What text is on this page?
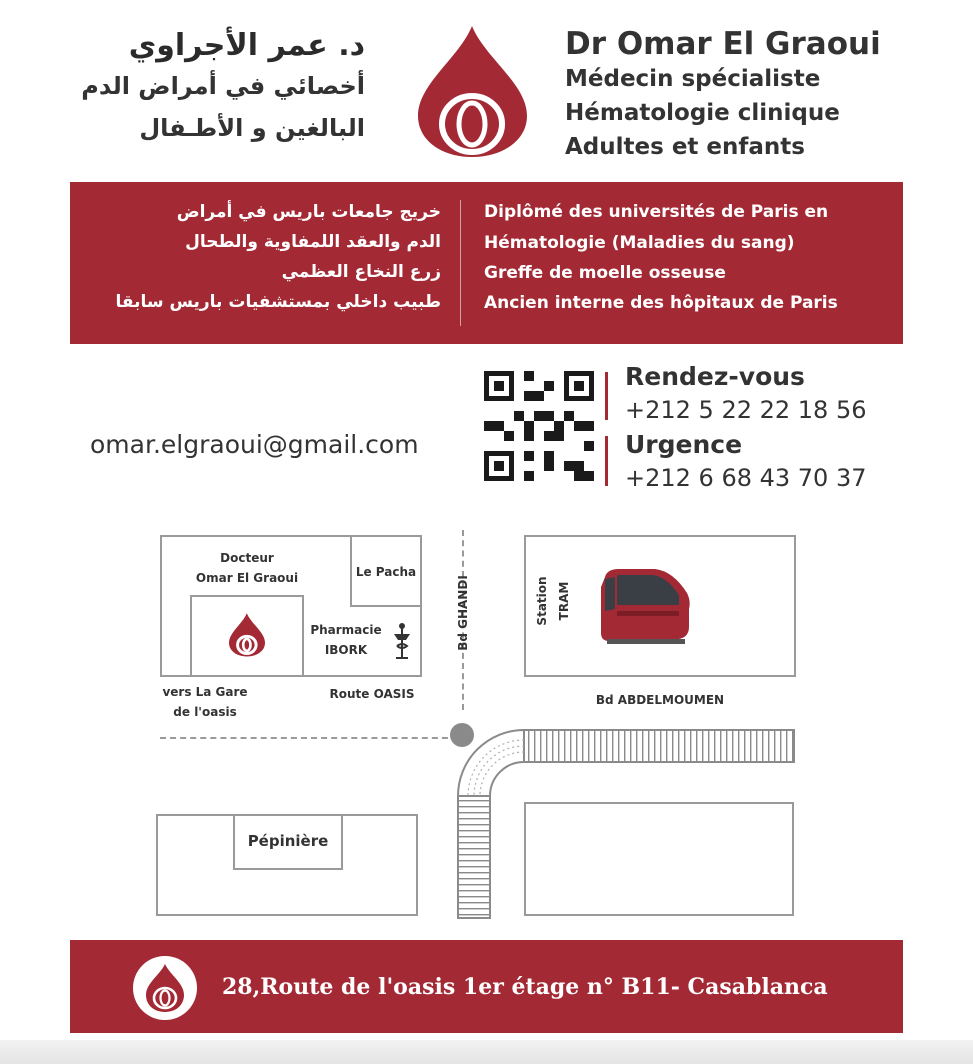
د. عمر الأجراوي
أخصائي في أمراض الدم
البالغين و الأطـفال
Dr Omar El Graoui
Médecin spécialiste
Hématologie clinique
Adultes et enfants
خريج جامعات باريس في أمراض
الدم والعقد اللمفاوية والطحال
زرع النخاع العظمي
طبيب داخلي بمستشفيات باريس سابقا
Diplômé des universités de Paris en
Hématologie (Maladies du sang)
Greffe de moelle osseuse
Ancien interne des hôpitaux de Paris
omar.elgraoui@gmail.com
Rendez-vous
+212 5 22 22 18 56
Urgence
+212 6 68 43 70 37
Docteur
Omar El Graoui	Le Pacha
Pharmacie
IBORK
vers La Gare
de l'oasis
Route OASIS
Bd GHANDI	Station TRAM
Bd ABDELMOUMEN
Pépinière
28,Route de l'oasis 1er étage n° B11- Casablanca
